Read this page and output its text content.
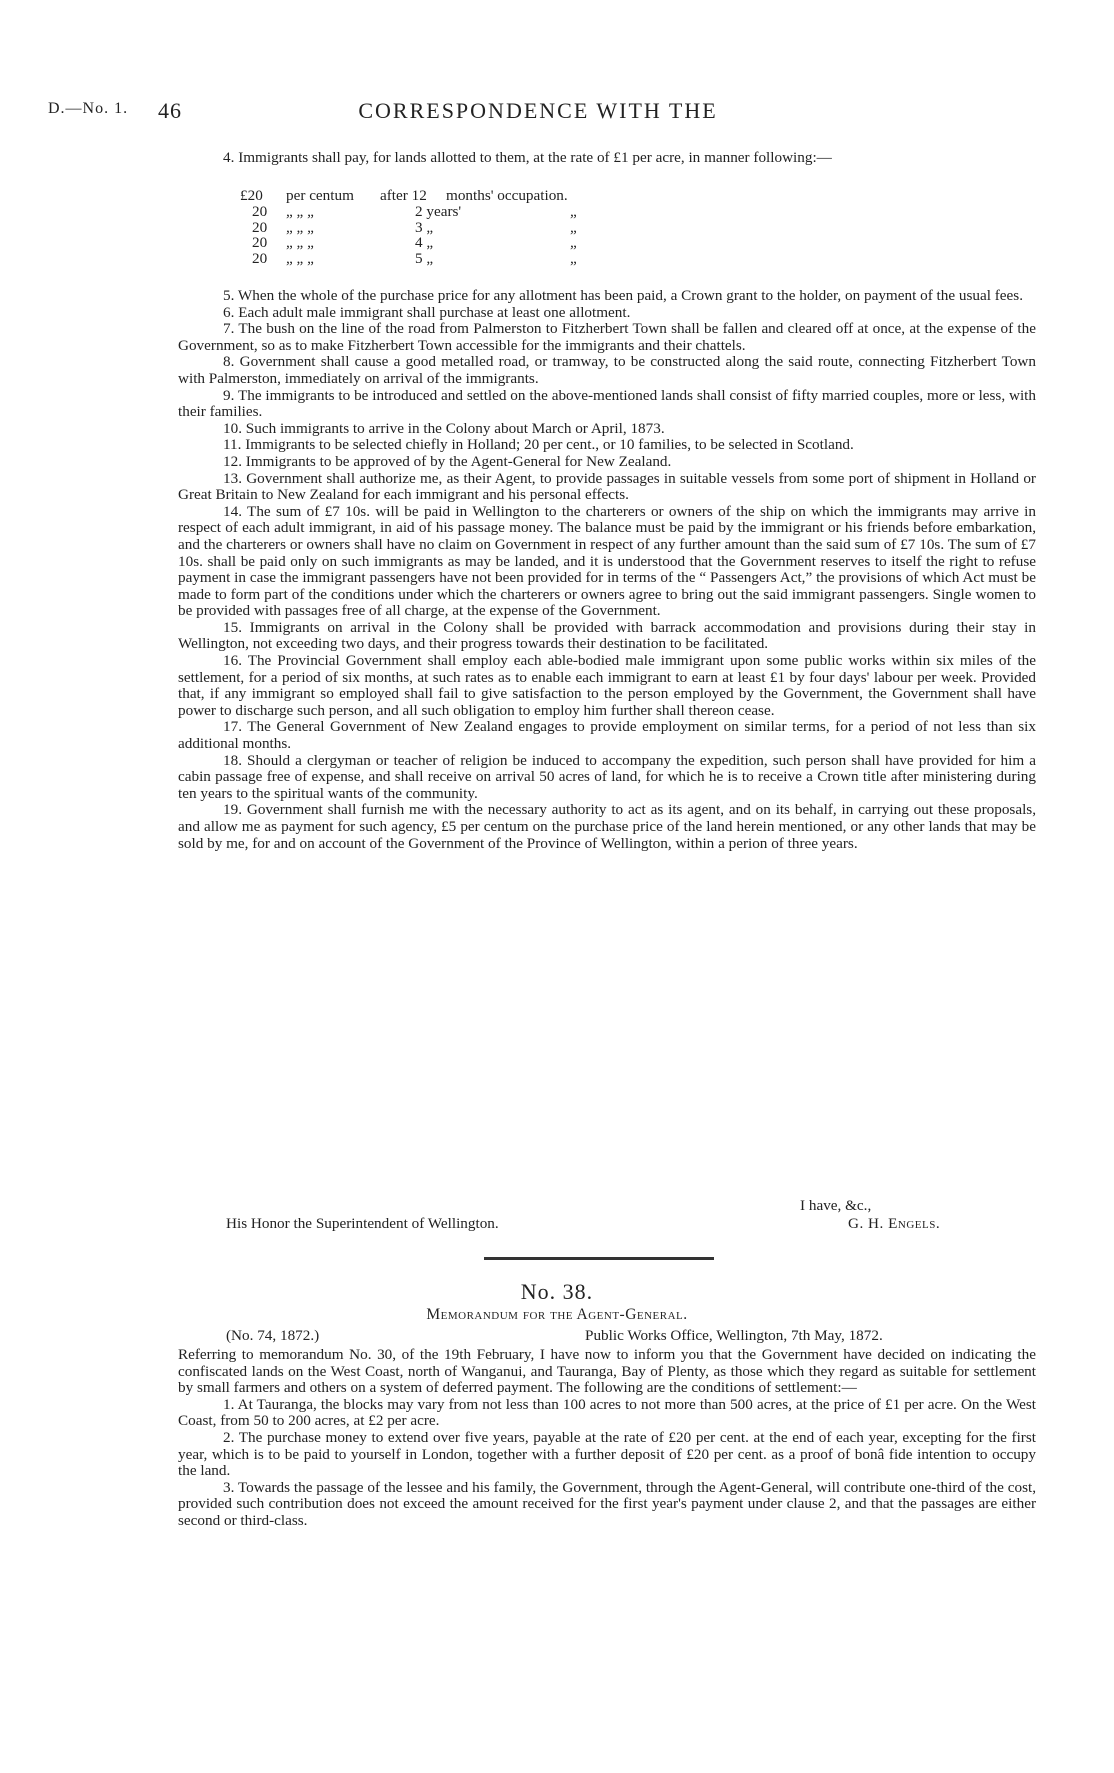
D.—No. 1. 46	CORRESPONDENCE WITH THE

4. Immigrants shall pay, for lands allotted to them, at the rate of £1 per acre, in manner following:—

£20 per centum after 12 months' occupation.
20 „ „ „	2 years'	„
20 „ „ „	3 „	„
20 „ „ „	4 „	„
20 „ „ „	5 „	„

5. When the whole of the purchase price for any allotment has been paid, a Crown grant to the holder, on payment of the usual fees.

6. Each adult male immigrant shall purchase at least one allotment.

7. The bush on the line of the road from Palmerston to Fitzherbert Town shall be fallen and cleared off at once, at the expense of the Government, so as to make Fitzherbert Town accessible for the immigrants and their chattels.

8. Government shall cause a good metalled road, or tramway, to be constructed along the said route, connecting Fitzherbert Town with Palmerston, immediately on arrival of the immigrants.

9. The immigrants to be introduced and settled on the above-mentioned lands shall consist of fifty married couples, more or less, with their families.

10. Such immigrants to arrive in the Colony about March or April, 1873.

11. Immigrants to be selected chiefly in Holland; 20 per cent., or 10 families, to be selected in Scotland.

12. Immigrants to be approved of by the Agent-General for New Zealand.

13. Government shall authorize me, as their Agent, to provide passages in suitable vessels from some port of shipment in Holland or Great Britain to New Zealand for each immigrant and his personal effects.

14. The sum of £7 10s. will be paid in Wellington to the charterers or owners of the ship on which the immigrants may arrive in respect of each adult immigrant, in aid of his passage money. The balance must be paid by the immigrant or his friends before embarkation, and the charterers or owners shall have no claim on Government in respect of any further amount than the said sum of £7 10s. The sum of £7 10s. shall be paid only on such immigrants as may be landed, and it is understood that the Government reserves to itself the right to refuse payment in case the immigrant passengers have not been provided for in terms of the “ Passengers Act,” the provisions of which Act must be made to form part of the conditions under which the charterers or owners agree to bring out the said immigrant passengers. Single women to be provided with passages free of all charge, at the expense of the Government.

15. Immigrants on arrival in the Colony shall be provided with barrack accommodation and provisions during their stay in Wellington, not exceeding two days, and their progress towards their destination to be facilitated.

16. The Provincial Government shall employ each able-bodied male immigrant upon some public works within six miles of the settlement, for a period of six months, at such rates as to enable each immigrant to earn at least £1 by four days' labour per week. Provided that, if any immigrant so employed shall fail to give satisfaction to the person employed by the Government, the Government shall have power to discharge such person, and all such obligation to employ him further shall thereon cease.

17. The General Government of New Zealand engages to provide employment on similar terms, for a period of not less than six additional months.

18. Should a clergyman or teacher of religion be induced to accompany the expedition, such person shall have provided for him a cabin passage free of expense, and shall receive on arrival 50 acres of land, for which he is to receive a Crown title after ministering during ten years to the spiritual wants of the community.

19. Government shall furnish me with the necessary authority to act as its agent, and on its behalf, in carrying out these proposals, and allow me as payment for such agency, £5 per centum on the purchase price of the land herein mentioned, or any other lands that may be sold by me, for and on account of the Government of the Province of Wellington, within a perion of three years.

I have, &c.,
His Honor the Superintendent of Wellington.	G. H. Engels.
No. 38.
Memorandum for the Agent-General.
(No. 74, 1872.)	Public Works Office, Wellington, 7th May, 1872.

Referring to memorandum No. 30, of the 19th February, I have now to inform you that the Government have decided on indicating the confiscated lands on the West Coast, north of Wanganui, and Tauranga, Bay of Plenty, as those which they regard as suitable for settlement by small farmers and others on a system of deferred payment. The following are the conditions of settlement:—

1. At Tauranga, the blocks may vary from not less than 100 acres to not more than 500 acres, at the price of £1 per acre. On the West Coast, from 50 to 200 acres, at £2 per acre.

2. The purchase money to extend over five years, payable at the rate of £20 per cent. at the end of each year, excepting for the first year, which is to be paid to yourself in London, together with a further deposit of £20 per cent. as a proof of bonâ fide intention to occupy the land.

3. Towards the passage of the lessee and his family, the Government, through the Agent-General, will contribute one-third of the cost, provided such contribution does not exceed the amount received for the first year's payment under clause 2, and that the passages are either second or third-class.
